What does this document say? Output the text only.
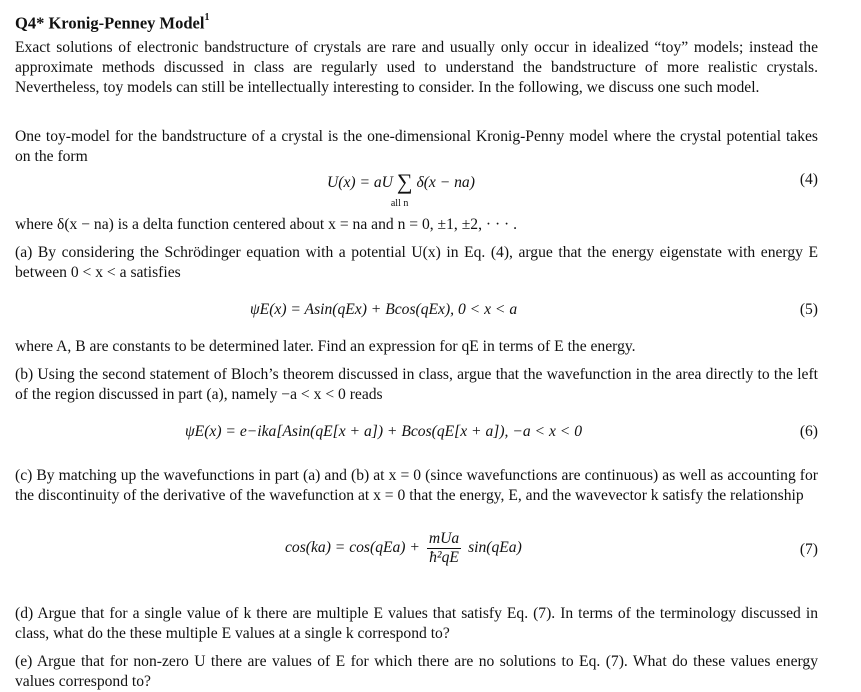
Q4* Kronig-Penney Model$^1$
Exact solutions of electronic bandstructure of crystals are rare and usually only occur in idealized “toy” models; instead the approximate methods discussed in class are regularly used to understand the bandstructure of more realistic crystals. Nevertheless, toy models can still be intellectually interesting to consider. In the following, we discuss one such model.
One toy-model for the bandstructure of a crystal is the one-dimensional Kronig-Penny model where the crystal potential takes on the form
U(x) = aU ∑
all n
δ(x − na)	(4)
where δ(x − na) is a delta function centered about x = na and n = 0, ±1, ±2, · · · .
(a) By considering the Schrödinger equation with a potential U(x) in Eq. (4), argue that the energy eigenstate with energy E between 0 < x < a satisfies
ψE(x) = Asin(qEx) + Bcos(qEx), 0 < x < a	(5)
where A, B are constants to be determined later. Find an expression for qE in terms of E the energy.
(b) Using the second statement of Bloch’s theorem discussed in class, argue that the wavefunction in the area directly to the left of the region discussed in part (a), namely −a < x < 0 reads
ψE(x) = e−ika[Asin(qE[x + a]) + Bcos(qE[x + a]), −a < x < 0	(6)
(c) By matching up the wavefunctions in part (a) and (b) at x = 0 (since wavefunctions are continuous) as well as accounting for the discontinuity of the derivative of the wavefunction at x = 0 that the energy, E, and the wavevector k satisfy the relationship
$\cos(ka) = \cos(qEa) + \frac{\text{mUa}}{\text{ħ²qE}} \sin(qEa)$	(7)
(d) Argue that for a single value of k there are multiple E values that satisfy Eq. (7). In terms of the terminology discussed in class, what do the these multiple E values at a single k correspond to?
(e) Argue that for non-zero U there are values of E for which there are no solutions to Eq. (7). What do these values energy values correspond to?
